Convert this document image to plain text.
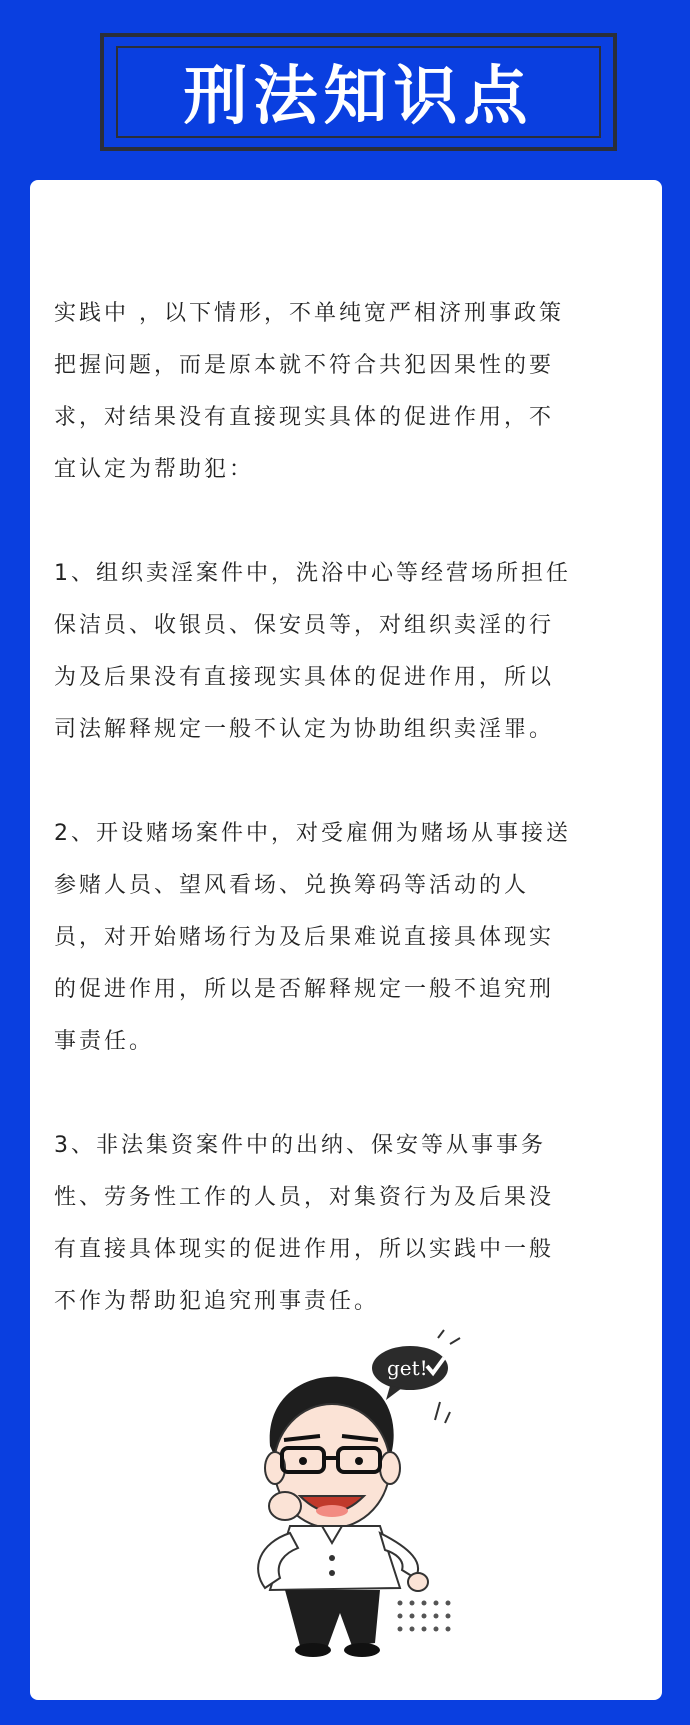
刑法知识点

实践中 ，以下情形，不单纯宽严相济刑事政策
把握问题，而是原本就不符合共犯因果性的要
求，对结果没有直接现实具体的促进作用，不
宜认定为帮助犯：

1、组织卖淫案件中，洗浴中心等经营场所担任
保洁员、收银员、保安员等，对组织卖淫的行
为及后果没有直接现实具体的促进作用，所以
司法解释规定一般不认定为协助组织卖淫罪。

2、开设赌场案件中，对受雇佣为赌场从事接送
参赌人员、望风看场、兑换筹码等活动的人
员，对开始赌场行为及后果难说直接具体现实
的促进作用，所以是否解释规定一般不追究刑
事责任。

3、非法集资案件中的出纳、保安等从事事务
性、劳务性工作的人员，对集资行为及后果没
有直接具体现实的促进作用，所以实践中一般
不作为帮助犯追究刑事责任。

get!
